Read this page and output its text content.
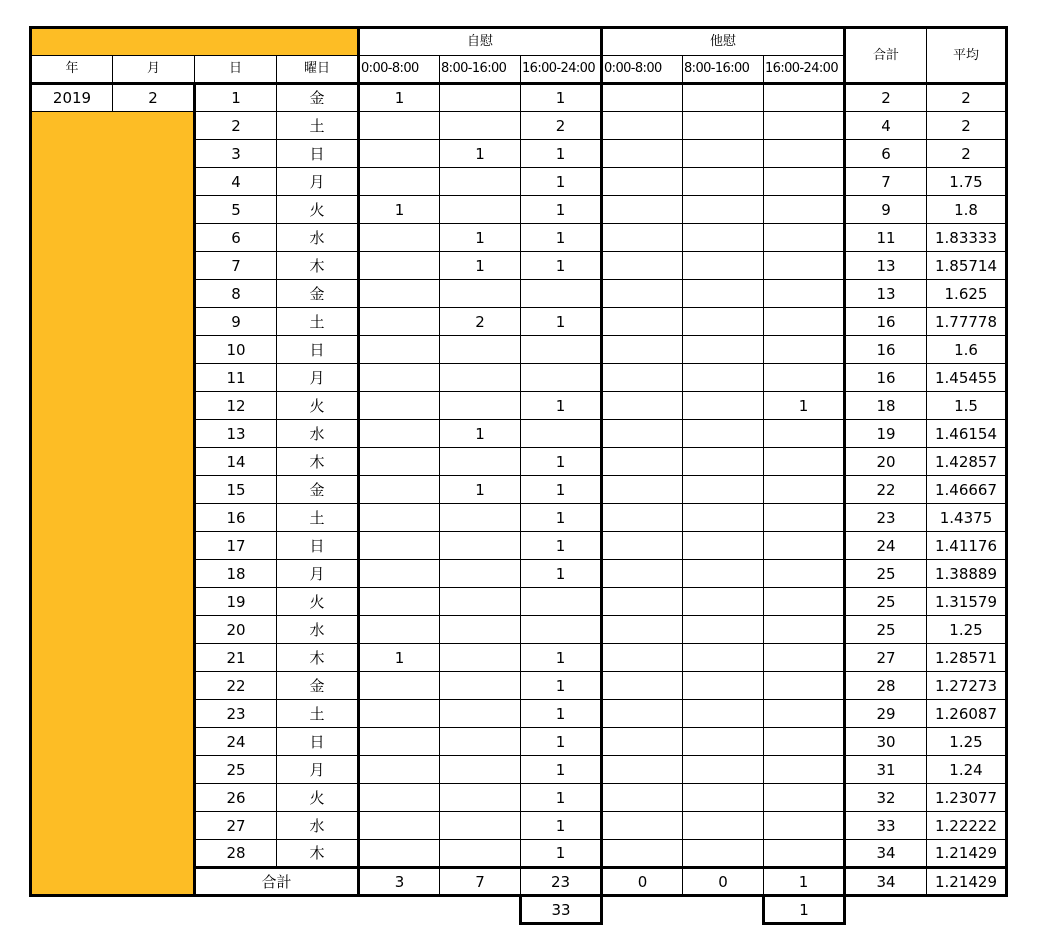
				自慰			他慰			合計	平均
年	月	日	曜日	0:00-8:00	8:00-16:00	16:00-24:00	0:00-8:00	8:00-16:00	16:00-24:00		
2019	2	1	金	1		1				2	2
		2	土			2				4	2
		3	日		1	1				6	2
		4	月			1				7	1.75
		5	火	1		1				9	1.8
		6	水		1	1				11	1.83333
		7	木		1	1				13	1.85714
		8	金							13	1.625
		9	土		2	1				16	1.77778
		10	日							16	1.6
		11	月							16	1.45455
		12	火			1			1	18	1.5
		13	水		1					19	1.46154
		14	木			1				20	1.42857
		15	金		1	1				22	1.46667
		16	土			1				23	1.4375
		17	日			1				24	1.41176
		18	月			1				25	1.38889
		19	火							25	1.31579
		20	水							25	1.25
		21	木	1		1				27	1.28571
		22	金			1				28	1.27273
		23	土			1				29	1.26087
		24	日			1				30	1.25
		25	月			1				31	1.24
		26	火			1				32	1.23077
		27	水			1				33	1.22222
		28	木			1				34	1.21429
		合計		3	7	23	0	0	1	34	1.21429
						33			1		
